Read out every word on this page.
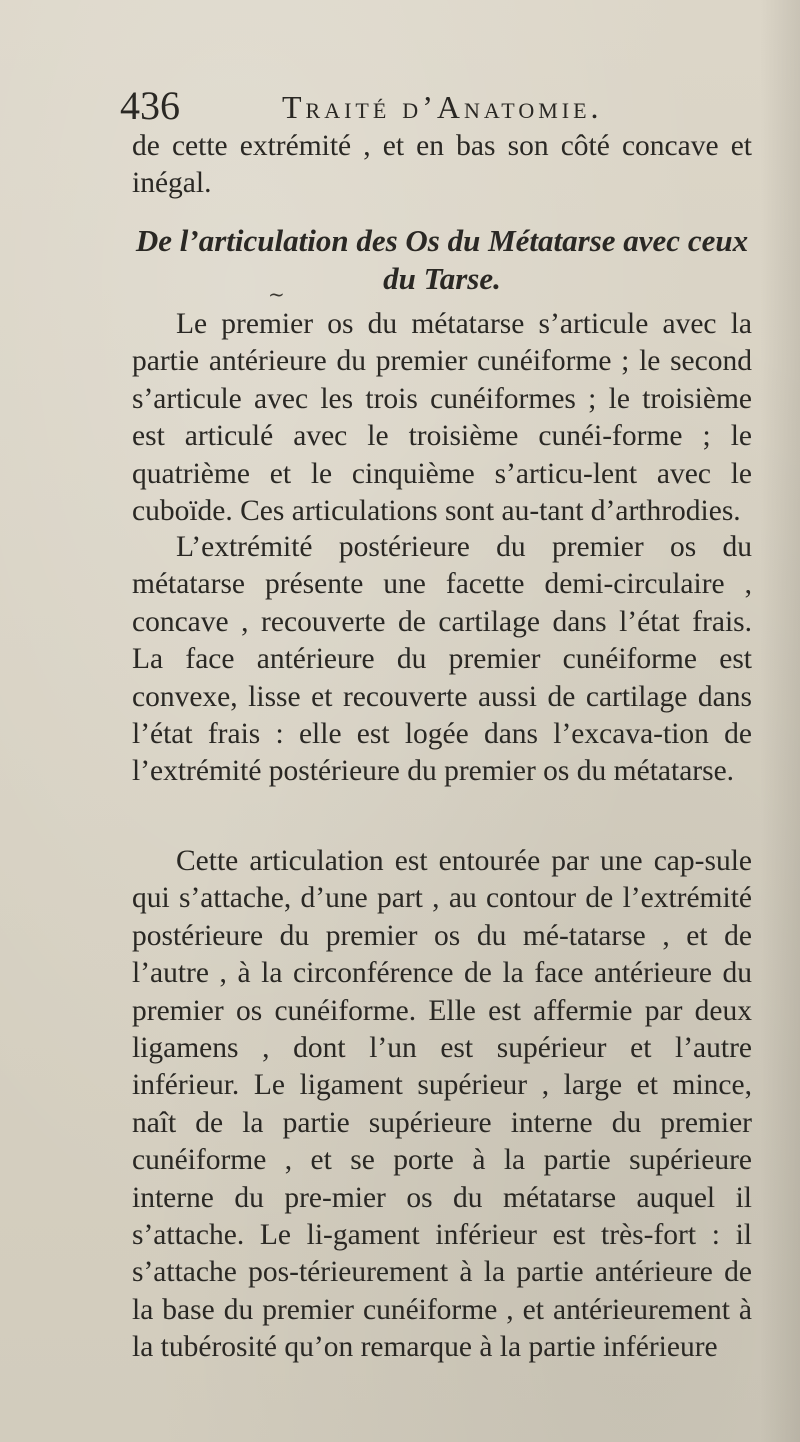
436	Traité d’Anatomie.

de cette extrémité , et en bas son côté concave et inégal.

De l’articulation des Os du Métatarse avec ceux du Tarse.
~

Le premier os du métatarse s’articule avec la partie antérieure du premier cunéiforme ; le second s’articule avec les trois cunéiformes ; le troisième est articulé avec le troisième cunéi-forme ; le quatrième et le cinquième s’articu-lent avec le cuboïde. Ces articulations sont au-tant d’arthrodies.

L’extrémité postérieure du premier os du métatarse présente une facette demi-circulaire , concave , recouverte de cartilage dans l’état frais. La face antérieure du premier cunéiforme est convexe, lisse et recouverte aussi de cartilage dans l’état frais : elle est logée dans l’excava-tion de l’extrémité postérieure du premier os du métatarse.

Cette articulation est entourée par une cap-sule qui s’attache, d’une part , au contour de l’extrémité postérieure du premier os du mé-tatarse , et de l’autre , à la circonférence de la face antérieure du premier os cunéiforme. Elle est affermie par deux ligamens , dont l’un est supérieur et l’autre inférieur. Le ligament supérieur , large et mince, naît de la partie supérieure interne du premier cunéiforme , et se porte à la partie supérieure interne du pre-mier os du métatarse auquel il s’attache. Le li-gament inférieur est très-fort : il s’attache pos-térieurement à la partie antérieure de la base du premier cunéiforme , et antérieurement à la tubérosité qu’on remarque à la partie inférieure
